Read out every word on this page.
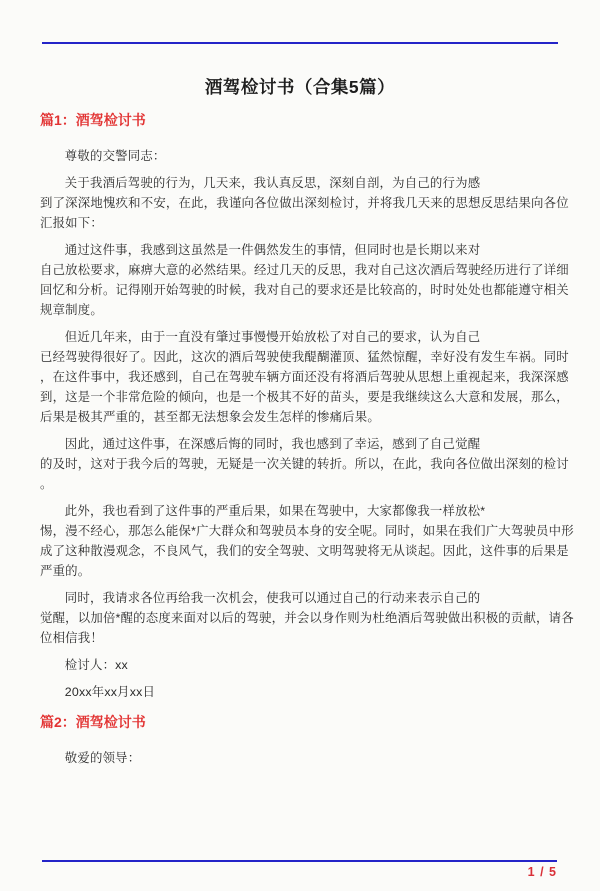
酒驾检讨书（合集5篇）
篇1：酒驾检讨书

尊敬的交警同志：

关于我酒后驾驶的行为，几天来，我认真反思，深刻自剖，为自己的行为感
到了深深地愧疚和不安，在此，我谨向各位做出深刻检讨，并将我几天来的思想反思结果向各位
汇报如下：

通过这件事，我感到这虽然是一件偶然发生的事情，但同时也是长期以来对
自己放松要求，麻痹大意的必然结果。经过几天的反思，我对自己这次酒后驾驶经历进行了详细
回忆和分析。记得刚开始驾驶的时候，我对自己的要求还是比较高的，时时处处也都能遵守相关
规章制度。

但近几年来，由于一直没有肇过事慢慢开始放松了对自己的要求，认为自己
已经驾驶得很好了。因此，这次的酒后驾驶使我醍醐灌顶、猛然惊醒，幸好没有发生车祸。同时
，在这件事中，我还感到，自己在驾驶车辆方面还没有将酒后驾驶从思想上重视起来，我深深感
到，这是一个非常危险的倾向，也是一个极其不好的苗头，要是我继续这么大意和发展，那么，
后果是极其严重的，甚至都无法想象会发生怎样的惨痛后果。

因此，通过这件事，在深感后悔的同时，我也感到了幸运，感到了自己觉醒
的及时，这对于我今后的驾驶，无疑是一次关键的转折。所以，在此，我向各位做出深刻的检讨
。

此外，我也看到了这件事的严重后果，如果在驾驶中，大家都像我一样放松*
惕，漫不经心，那怎么能保*广大群众和驾驶员本身的安全呢。同时，如果在我们广大驾驶员中形
成了这种散漫观念，不良风气，我们的安全驾驶、文明驾驶将无从谈起。因此，这件事的后果是
严重的。

同时，我请求各位再给我一次机会，使我可以通过自己的行动来表示自己的
觉醒，以加倍*醒的态度来面对以后的驾驶，并会以身作则为杜绝酒后驾驶做出积极的贡献，请各
位相信我！

检讨人：xx

20xx年xx月xx日

篇2：酒驾检讨书

敬爱的领导：

1 / 5
